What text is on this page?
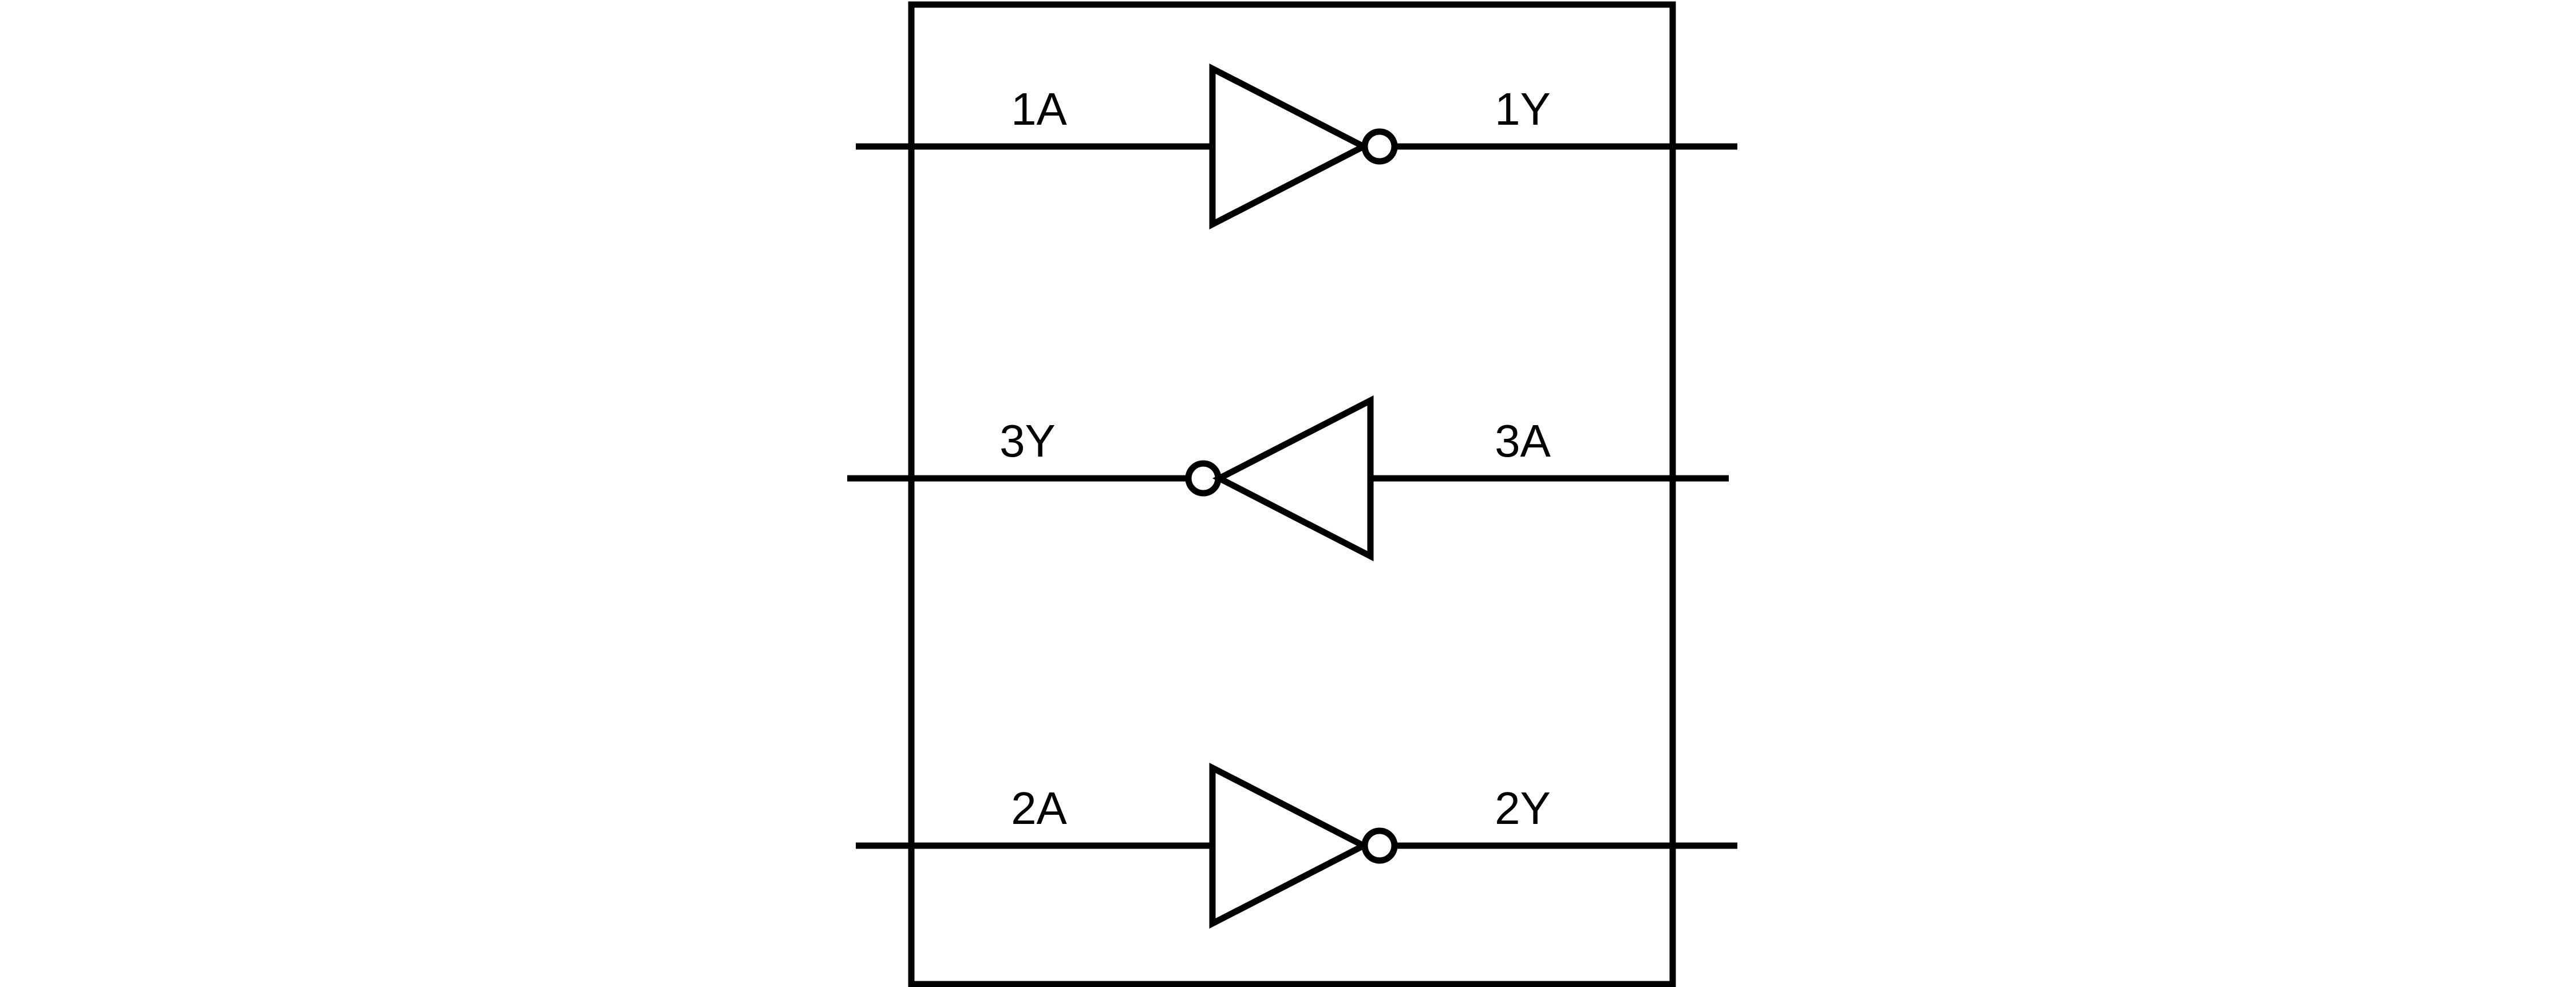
1A	1Y
3Y	3A
2A	2Y
